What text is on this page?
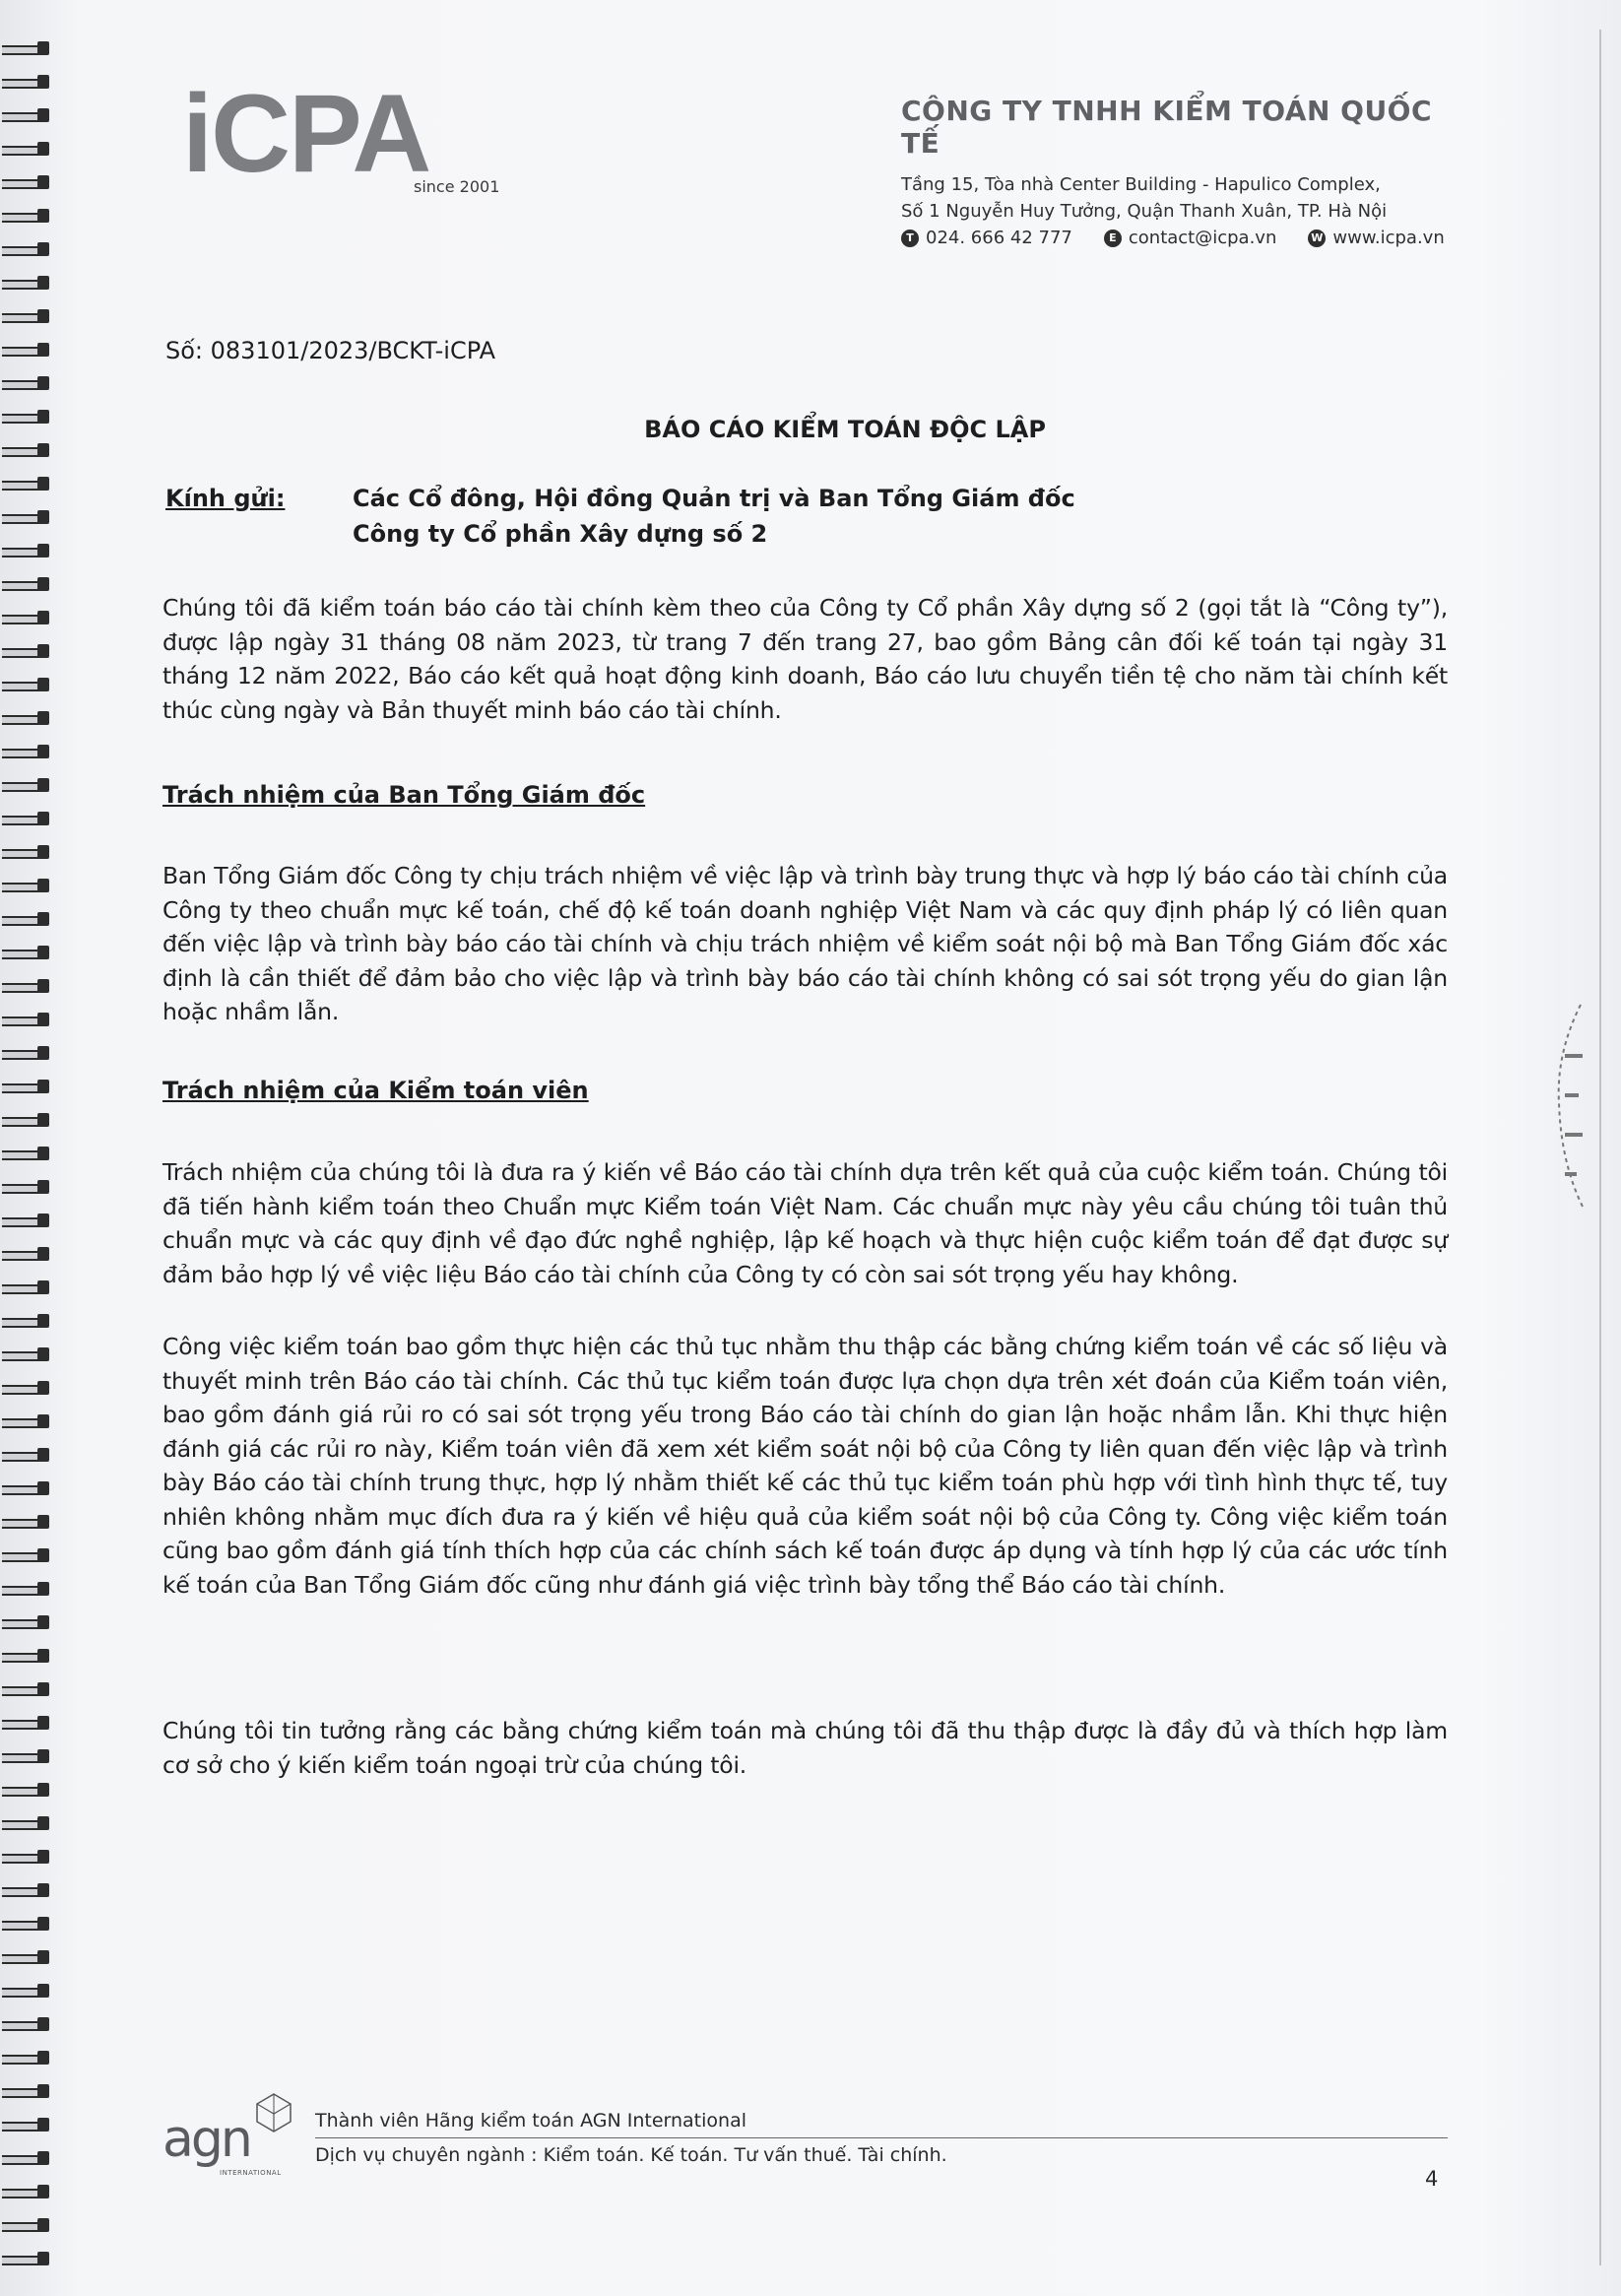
iCPA
since 2001
CÔNG TY TNHH KIỂM TOÁN QUỐC TẾ
Tầng 15, Tòa nhà Center Building - Hapulico Complex,
Số 1 Nguyễn Huy Tưởng, Quận Thanh Xuân, TP. Hà Nội
T 024. 666 42 777	E contact@icpa.vn	W www.icpa.vn
Số: 083101/2023/BCKT-iCPA
BÁO CÁO KIỂM TOÁN ĐỘC LẬP
Kính gửi:	Các Cổ đông, Hội đồng Quản trị và Ban Tổng Giám đốc
Công ty Cổ phần Xây dựng số 2
Chúng tôi đã kiểm toán báo cáo tài chính kèm theo của Công ty Cổ phần Xây dựng số 2 (gọi tắt là “Công ty”), được lập ngày 31 tháng 08 năm 2023, từ trang 7 đến trang 27, bao gồm Bảng cân đối kế toán tại ngày 31 tháng 12 năm 2022, Báo cáo kết quả hoạt động kinh doanh, Báo cáo lưu chuyển tiền tệ cho năm tài chính kết thúc cùng ngày và Bản thuyết minh báo cáo tài chính.
Trách nhiệm của Ban Tổng Giám đốc
Ban Tổng Giám đốc Công ty chịu trách nhiệm về việc lập và trình bày trung thực và hợp lý báo cáo tài chính của Công ty theo chuẩn mực kế toán, chế độ kế toán doanh nghiệp Việt Nam và các quy định pháp lý có liên quan đến việc lập và trình bày báo cáo tài chính và chịu trách nhiệm về kiểm soát nội bộ mà Ban Tổng Giám đốc xác định là cần thiết để đảm bảo cho việc lập và trình bày báo cáo tài chính không có sai sót trọng yếu do gian lận hoặc nhầm lẫn.
Trách nhiệm của Kiểm toán viên
Trách nhiệm của chúng tôi là đưa ra ý kiến về Báo cáo tài chính dựa trên kết quả của cuộc kiểm toán. Chúng tôi đã tiến hành kiểm toán theo Chuẩn mực Kiểm toán Việt Nam. Các chuẩn mực này yêu cầu chúng tôi tuân thủ chuẩn mực và các quy định về đạo đức nghề nghiệp, lập kế hoạch và thực hiện cuộc kiểm toán để đạt được sự đảm bảo hợp lý về việc liệu Báo cáo tài chính của Công ty có còn sai sót trọng yếu hay không.
Công việc kiểm toán bao gồm thực hiện các thủ tục nhằm thu thập các bằng chứng kiểm toán về các số liệu và thuyết minh trên Báo cáo tài chính. Các thủ tục kiểm toán được lựa chọn dựa trên xét đoán của Kiểm toán viên, bao gồm đánh giá rủi ro có sai sót trọng yếu trong Báo cáo tài chính do gian lận hoặc nhầm lẫn. Khi thực hiện đánh giá các rủi ro này, Kiểm toán viên đã xem xét kiểm soát nội bộ của Công ty liên quan đến việc lập và trình bày Báo cáo tài chính trung thực, hợp lý nhằm thiết kế các thủ tục kiểm toán phù hợp với tình hình thực tế, tuy nhiên không nhằm mục đích đưa ra ý kiến về hiệu quả của kiểm soát nội bộ của Công ty. Công việc kiểm toán cũng bao gồm đánh giá tính thích hợp của các chính sách kế toán được áp dụng và tính hợp lý của các ước tính kế toán của Ban Tổng Giám đốc cũng như đánh giá việc trình bày tổng thể Báo cáo tài chính.
Chúng tôi tin tưởng rằng các bằng chứng kiểm toán mà chúng tôi đã thu thập được là đầy đủ và thích hợp làm cơ sở cho ý kiến kiểm toán ngoại trừ của chúng tôi.
agn
INTERNATIONAL
Thành viên Hãng kiểm toán AGN International
Dịch vụ chuyên ngành : Kiểm toán. Kế toán. Tư vấn thuế. Tài chính.
4
